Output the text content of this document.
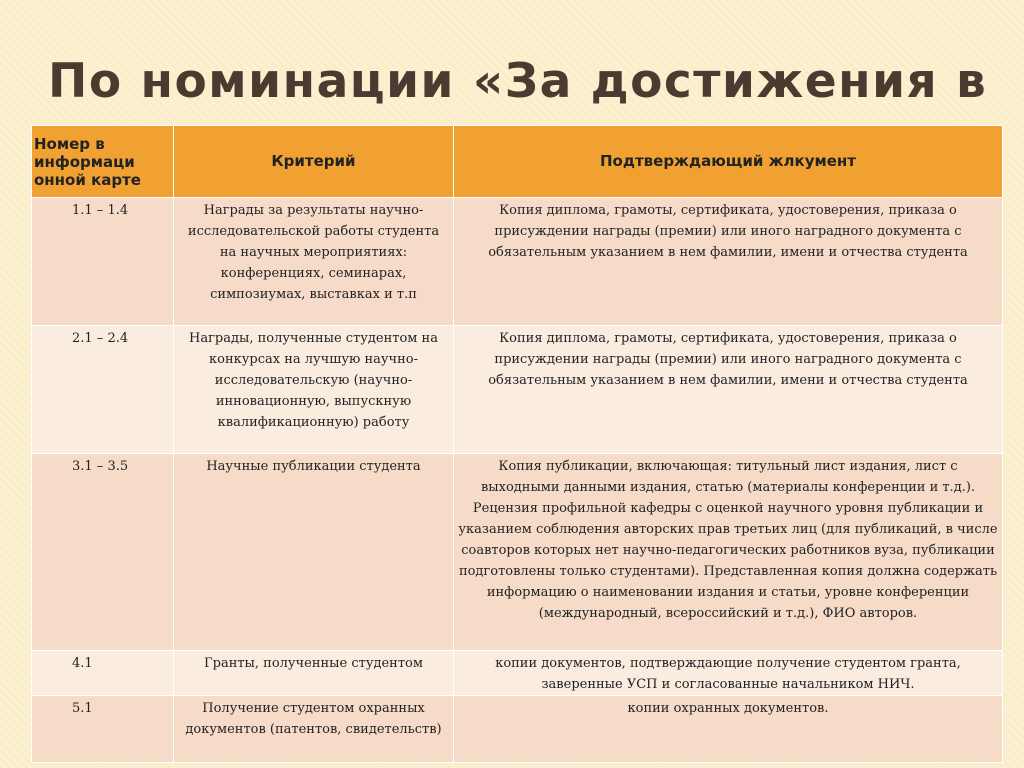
По номинации «За достижения в
Номер в информаци онной карте	Критерий	Подтверждающий жлкумент
1.1 – 1.4	Награды за результаты научно-исследовательской работы студента на научных мероприятиях: конференциях, семинарах, симпозиумах, выставках и т.п	Копия диплома, грамоты, сертификата, удостоверения, приказа о присуждении награды (премии) или иного наградного документа с обязательным указанием в нем фамилии, имени и отчества студента
2.1 – 2.4	Награды, полученные студентом на конкурсах на лучшую научно-исследовательскую (научно-инновационную, выпускную квалификационную) работу	Копия диплома, грамоты, сертификата, удостоверения, приказа о присуждении награды (премии) или иного наградного документа с обязательным указанием в нем фамилии, имени и отчества студента
3.1 – 3.5	Научные публикации студента	Копия публикации, включающая: титульный лист издания, лист с выходными данными издания, статью (материалы конференции и т.д.). Рецензия профильной кафедры с оценкой научного уровня публикации и указанием соблюдения авторских прав третьих лиц (для публикаций, в числе соавторов которых нет научно-педагогических работников вуза, публикации подготовлены только студентами). Представленная копия должна содержать информацию о наименовании издания и статьи, уровне конференции (международный, всероссийский и т.д.), ФИО авторов.
4.1	Гранты, полученные студентом	копии документов, подтверждающие получение студентом гранта, заверенные УСП и согласованные начальником НИЧ.
5.1	Получение студентом охранных документов (патентов, свидетельств)	копии охранных документов.
